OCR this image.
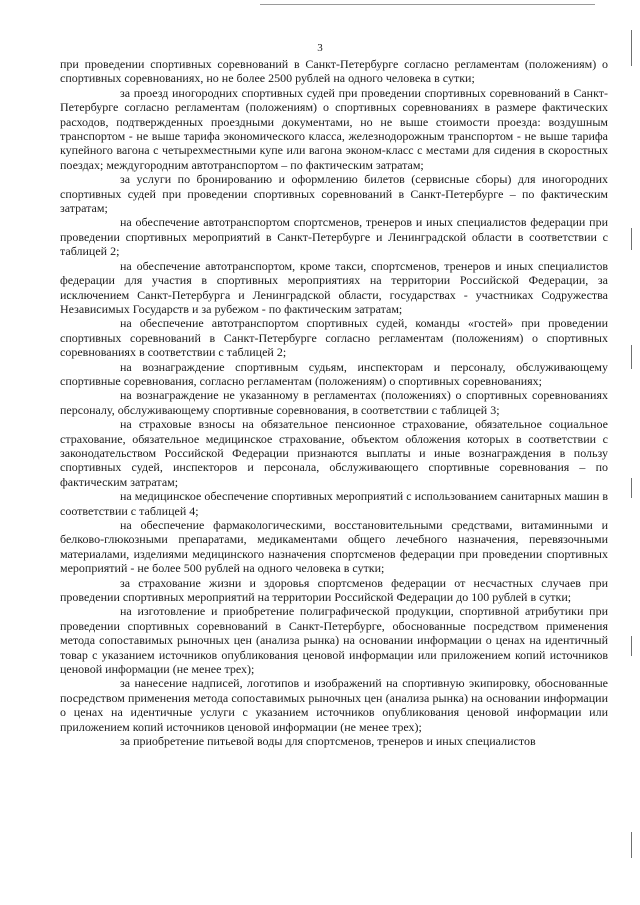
3

при проведении спортивных соревнований в Санкт-Петербурге согласно регламентам (положениям) о спортивных соревнованиях, но не более 2500 рублей на одного человека в сутки;

за проезд иногородних спортивных судей при проведении спортивных соревнований в Санкт-Петербурге согласно регламентам (положениям) о спортивных соревнованиях в размере фактических расходов, подтвержденных проездными документами, но не выше стоимости проезда: воздушным транспортом - не выше тарифа экономического класса, железнодорожным транспортом - не выше тарифа купейного вагона с четырехместными купе или вагона эконом-класс с местами для сидения в скоростных поездах; междугородним автотранспортом – по фактическим затратам;

за услуги по бронированию и оформлению билетов (сервисные сборы) для иногородних спортивных судей при проведении спортивных соревнований в Санкт-Петербурге – по фактическим затратам;

на обеспечение автотранспортом спортсменов, тренеров и иных специалистов федерации при проведении спортивных мероприятий в Санкт-Петербурге и Ленинградской области в соответствии с таблицей 2;

на обеспечение автотранспортом, кроме такси, спортсменов, тренеров и иных специалистов федерации для участия в спортивных мероприятиях на территории Российской Федерации, за исключением Санкт-Петербурга и Ленинградской области, государствах - участниках Содружества Независимых Государств и за рубежом - по фактическим затратам;

на обеспечение автотранспортом спортивных судей, команды «гостей» при проведении спортивных соревнований в Санкт-Петербурге согласно регламентам (положениям) о спортивных соревнованиях в соответствии с таблицей 2;

на вознаграждение спортивным судьям, инспекторам и персоналу, обслуживающему спортивные соревнования, согласно регламентам (положениям) о спортивных соревнованиях;

на вознаграждение не указанному в регламентах (положениях) о спортивных соревнованиях персоналу, обслуживающему спортивные соревнования, в соответствии с таблицей 3;

на страховые взносы на обязательное пенсионное страхование, обязательное социальное страхование, обязательное медицинское страхование, объектом обложения которых в соответствии с законодательством Российской Федерации признаются выплаты и иные вознаграждения в пользу спортивных судей, инспекторов и персонала, обслуживающего спортивные соревнования – по фактическим затратам;

на медицинское обеспечение спортивных мероприятий с использованием санитарных машин в соответствии с таблицей 4;

на обеспечение фармакологическими, восстановительными средствами, витаминными и белково-глюкозными препаратами, медикаментами общего лечебного назначения, перевязочными материалами, изделиями медицинского назначения спортсменов федерации при проведении спортивных мероприятий - не более 500 рублей на одного человека в сутки;

за страхование жизни и здоровья спортсменов федерации от несчастных случаев при проведении спортивных мероприятий на территории Российской Федерации до 100 рублей в сутки;

на изготовление и приобретение полиграфической продукции, спортивной атрибутики при проведении спортивных соревнований в Санкт-Петербурге, обоснованные посредством применения метода сопоставимых рыночных цен (анализа рынка) на основании информации о ценах на идентичный товар с указанием источников опубликования ценовой информации или приложением копий источников ценовой информации (не менее трех);

за нанесение надписей, логотипов и изображений на спортивную экипировку, обоснованные посредством применения метода сопоставимых рыночных цен (анализа рынка) на основании информации о ценах на идентичные услуги с указанием источников опубликования ценовой информации или приложением копий источников ценовой информации (не менее трех);

за приобретение питьевой воды для спортсменов, тренеров и иных специалистов
